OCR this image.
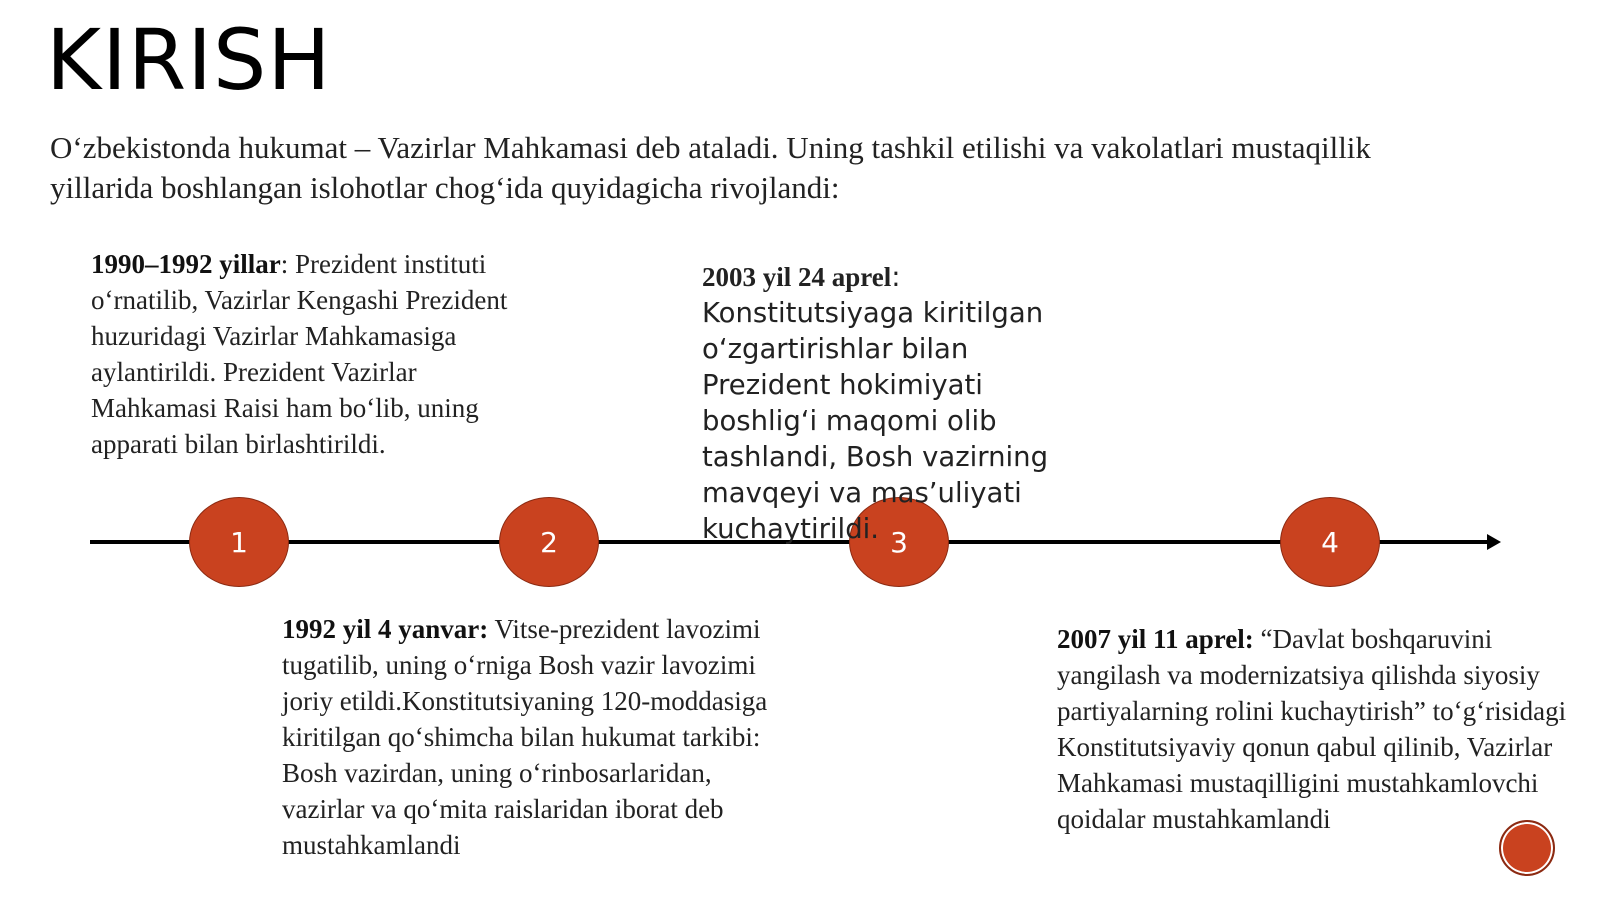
KIRISH
O‘zbekistonda hukumat – Vazirlar Mahkamasi deb ataladi. Uning tashkil etilishi va vakolatlari mustaqillik yillarida boshlangan islohotlar chog‘ida quyidagicha rivojlandi:
1	2	3	4
1990–1992 yillar: Prezident instituti o‘rnatilib, Vazirlar Kengashi Prezident huzuridagi Vazirlar Mahkamasiga aylantirildi. Prezident Vazirlar Mahkamasi Raisi ham bo‘lib, uning apparati bilan birlashtirildi.
1992 yil 4 yanvar: Vitse-prezident lavozimi tugatilib, uning o‘rniga Bosh vazir lavozimi joriy etildi.Konstitutsiyaning 120-moddasiga kiritilgan qo‘shimcha bilan hukumat tarkibi: Bosh vazirdan, uning o‘rinbosarlaridan, vazirlar va qo‘mita raislaridan iborat deb mustahkamlandi
2003 yil 24 aprel: Konstitutsiyaga kiritilgan o‘zgartirishlar bilan Prezident hokimiyati boshlig‘i maqomi olib tashlandi, Bosh vazirning mavqeyi va mas’uliyati kuchaytirildi.
2007 yil 11 aprel: “Davlat boshqaruvini yangilash va modernizatsiya qilishda siyosiy partiyalarning rolini kuchaytirish” to‘g‘risidagi Konstitutsiyaviy qonun qabul qilinib, Vazirlar Mahkamasi mustaqilligini mustahkamlovchi qoidalar mustahkamlandi
